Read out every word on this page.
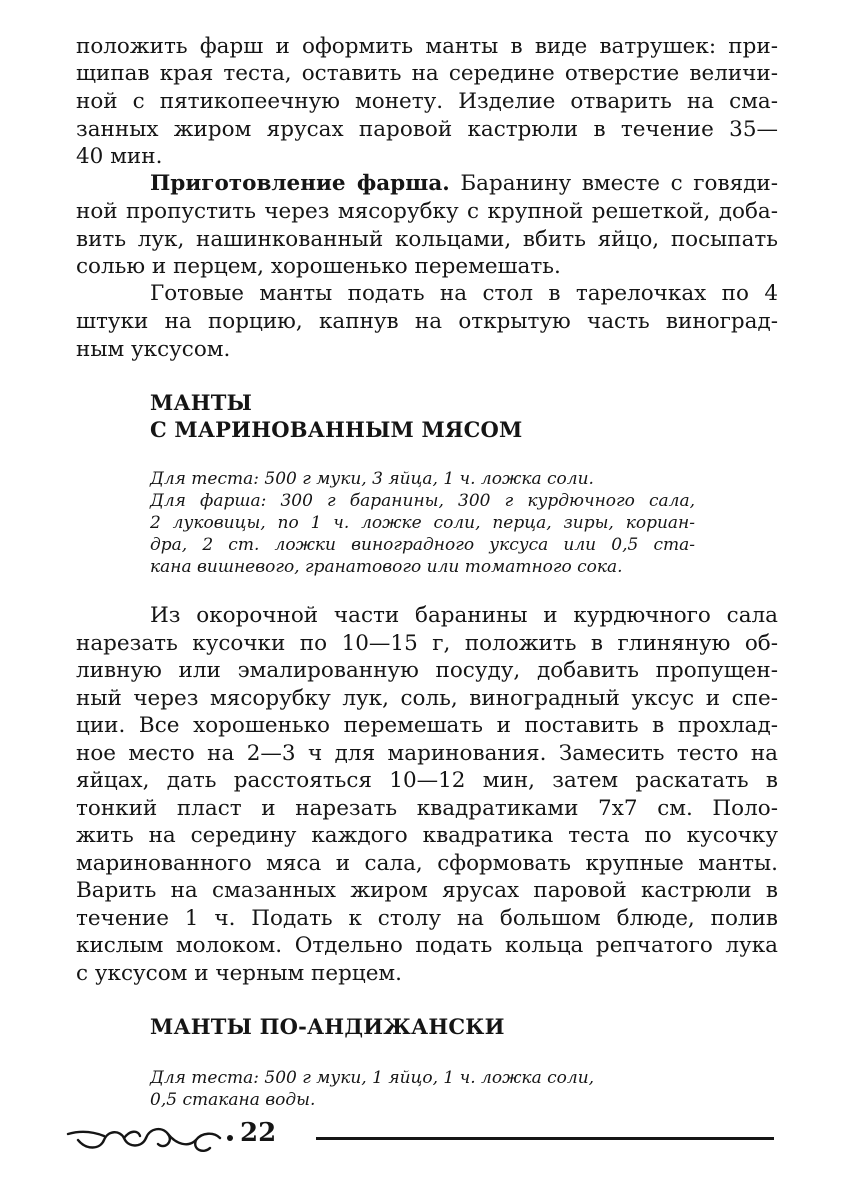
положить фарш и оформить манты в виде ватрушек: при-

щипав края теста, оставить на середине отверстие величи-

ной с пятикопеечную монету. Изделие отварить на сма-

занных жиром ярусах паровой кастрюли в течение 35—

40 мин.

Приготовление фарша. Баранину вместе с говяди-

ной пропустить через мясорубку с крупной решеткой, доба-

вить лук, нашинкованный кольцами, вбить яйцо, посыпать

солью и перцем, хорошенько перемешать.

Готовые манты подать на стол в тарелочках по 4

штуки на порцию, капнув на открытую часть виноград-

ным уксусом.

МАНТЫ
С МАРИНОВАННЫМ МЯСОМ

Для теста: 500 г муки, 3 яйца, 1 ч. ложка соли.

Для фарша: 300 г баранины, 300 г курдючного сала,

2 луковицы, по 1 ч. ложке соли, перца, зиры, кориан-

дра, 2 ст. ложки виноградного уксуса или 0,5 ста-

кана вишневого, гранатового или томатного сока.

Из окорочной части баранины и курдючного сала

нарезать кусочки по 10—15 г, положить в глиняную об-

ливную или эмалированную посуду, добавить пропущен-

ный через мясорубку лук, соль, виноградный уксус и спе-

ции. Все хорошенько перемешать и поставить в прохлад-

ное место на 2—3 ч для маринования. Замесить тесто на

яйцах, дать расстояться 10—12 мин, затем раскатать в

тонкий пласт и нарезать квадратиками 7х7 см. Поло-

жить на середину каждого квадратика теста по кусочку

маринованного мяса и сала, сформовать крупные манты.

Варить на смазанных жиром ярусах паровой кастрюли в

течение 1 ч. Подать к столу на большом блюде, полив

кислым молоком. Отдельно подать кольца репчатого лука

с уксусом и черным перцем.

МАНТЫ ПО-АНДИЖАНСКИ

Для теста: 500 г муки, 1 яйцо, 1 ч. ложка соли,

0,5 стакана воды.

22
